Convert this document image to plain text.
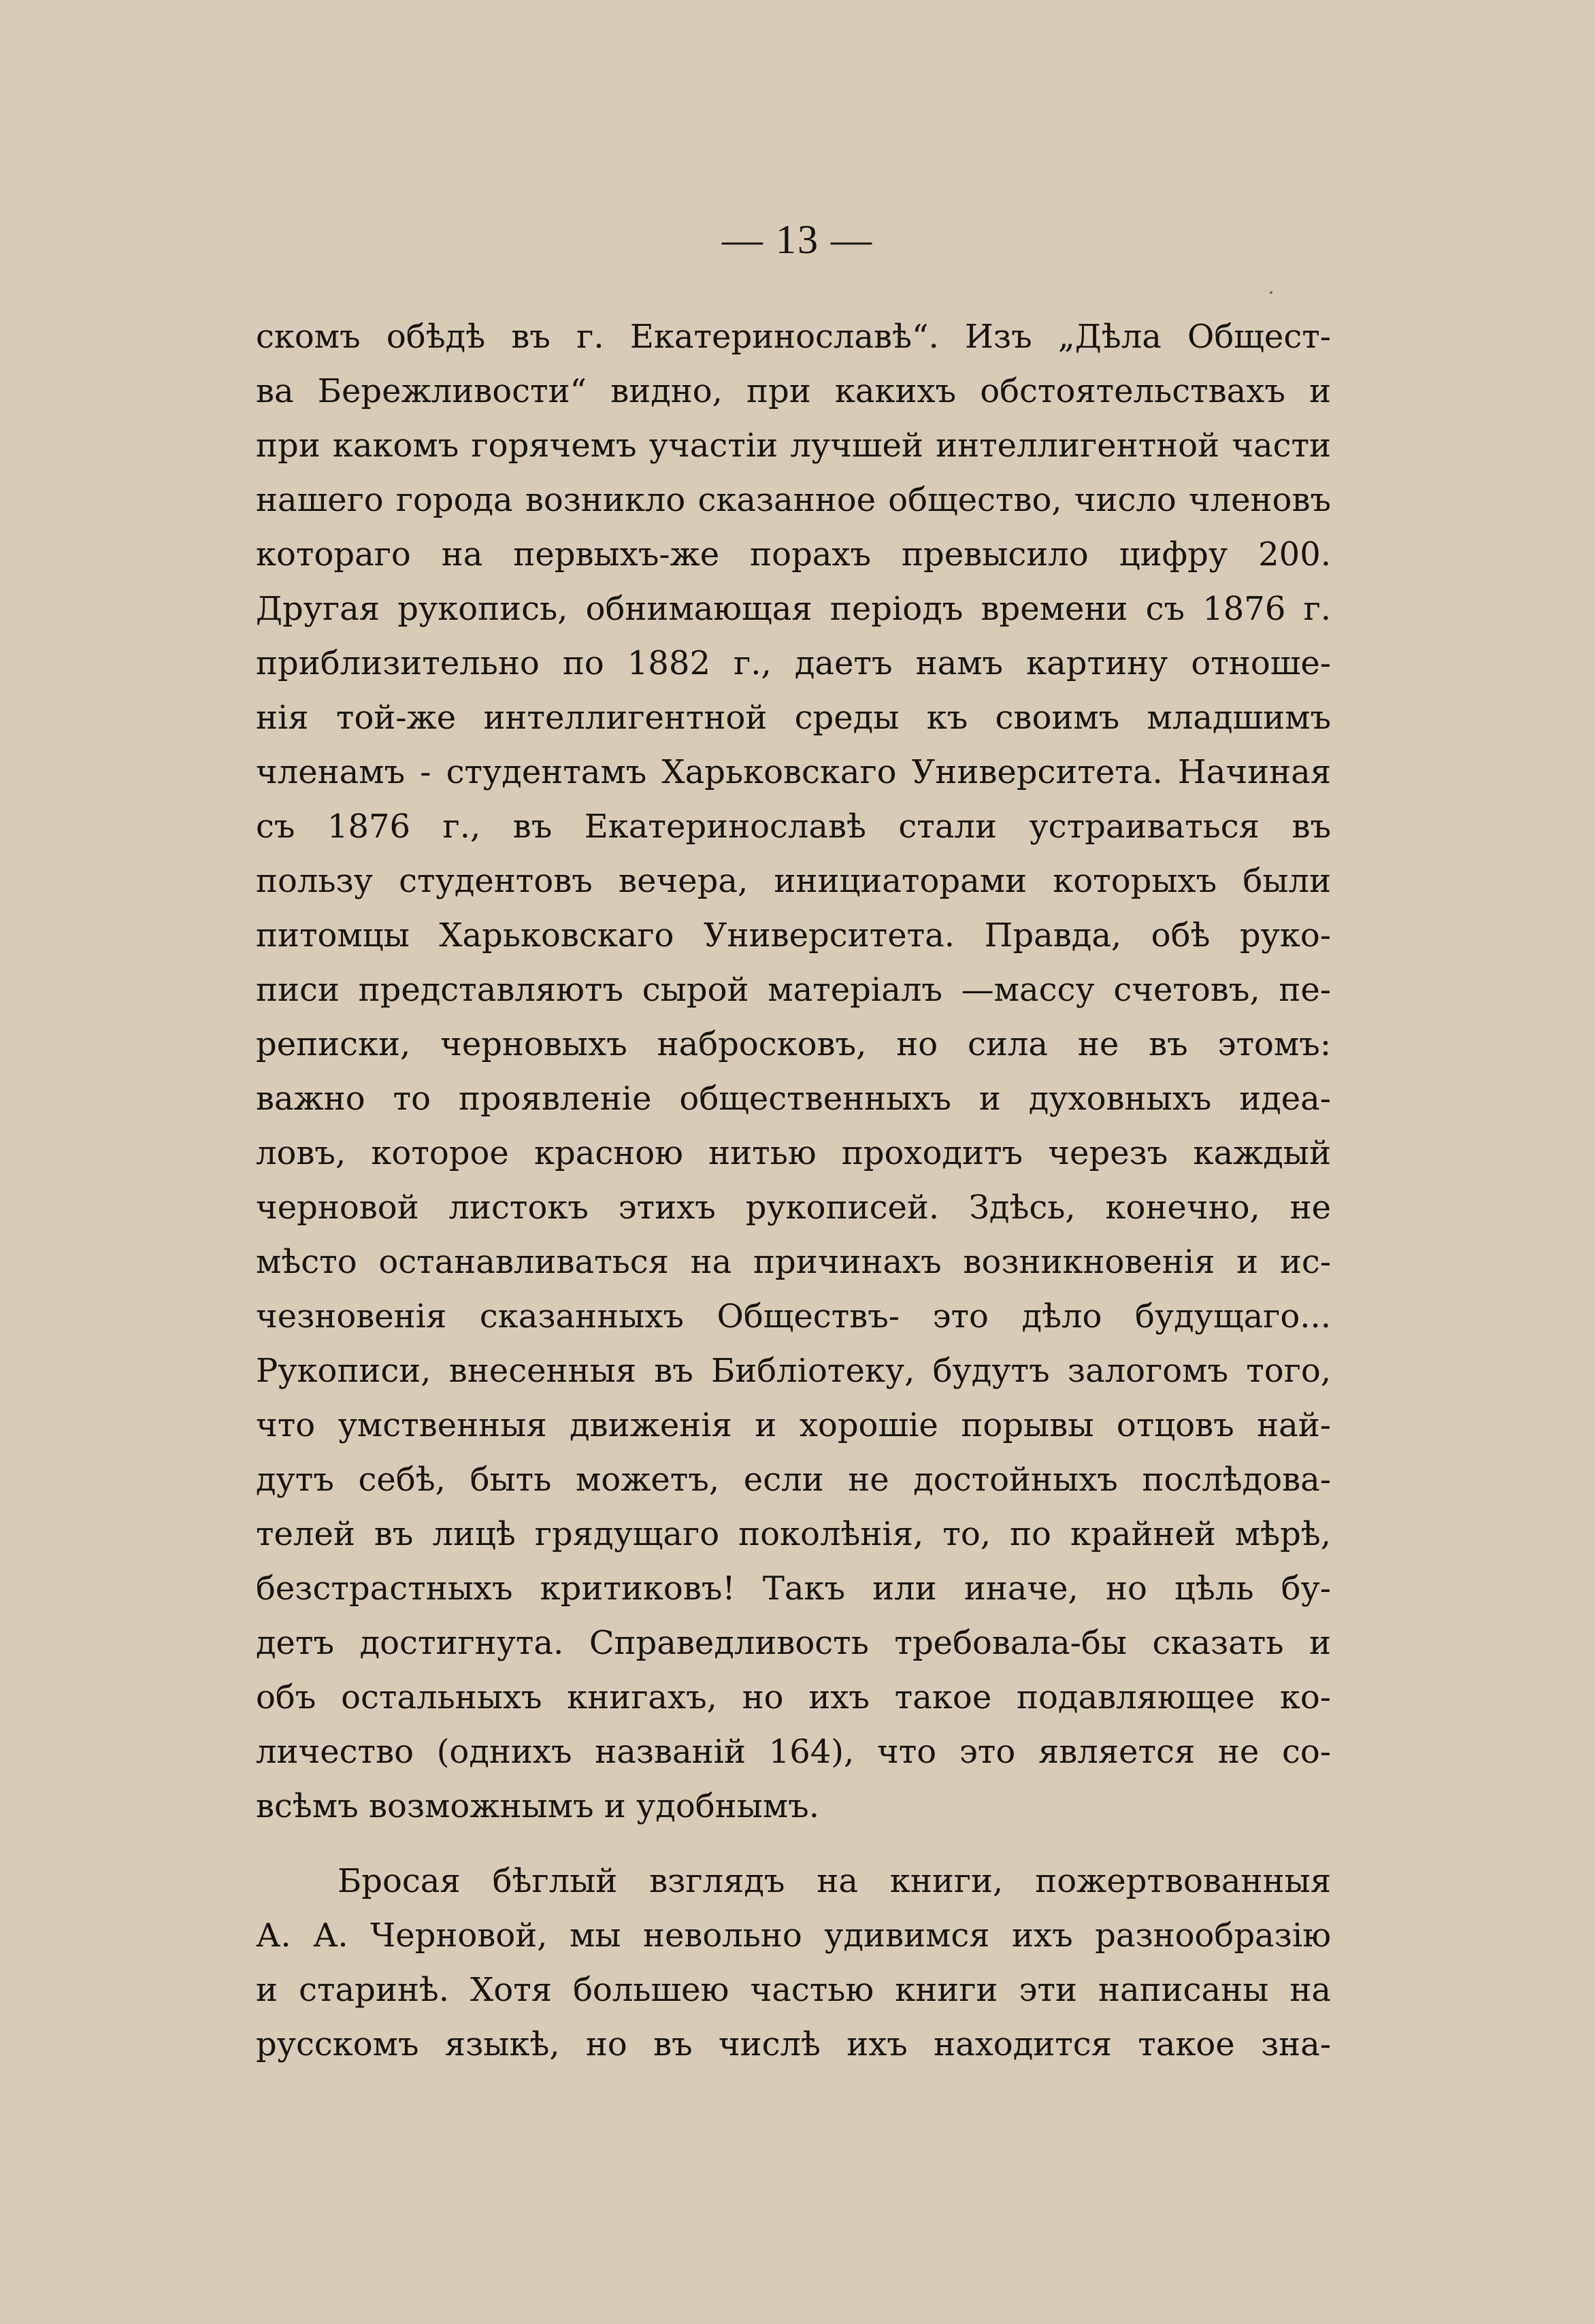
— 13 —
скомъ обѣдѣ въ г. Екатеринославѣ“. Изъ „Дѣла Общест-
ва Бережливости“ видно, при какихъ обстоятельствахъ и
при какомъ горячемъ участіи лучшей интеллигентной части
нашего города возникло сказанное общество, число членовъ
котораго на первыхъ-же порахъ превысило цифру 200.
Другая рукопись, обнимающая періодъ времени съ 1876 г.
приблизительно по 1882 г., даетъ намъ картину отноше-
нія той-же интеллигентной среды къ своимъ младшимъ
членамъ - студентамъ Харьковскаго Университета. Начиная
съ 1876 г., въ Екатеринославѣ стали устраиваться въ
пользу студентовъ вечера, инициаторами которыхъ были
питомцы Харьковскаго Университета. Правда, обѣ руко-
писи представляютъ сырой матеріалъ —массу счетовъ, пе-
реписки, черновыхъ набросковъ, но сила не въ этомъ:
важно то проявленіе общественныхъ и духовныхъ идеа-
ловъ, которое красною нитью проходитъ черезъ каждый
черновой листокъ этихъ рукописей. Здѣсь, конечно, не
мѣсто останавливаться на причинахъ возникновенія и ис-
чезновенія сказанныхъ Обществъ- это дѣло будущаго...
Рукописи, внесенныя въ Библіотеку, будутъ залогомъ того,
что умственныя движенія и хорошіе порывы отцовъ най-
дутъ себѣ, быть можетъ, если не достойныхъ послѣдова-
телей въ лицѣ грядущаго поколѣнія, то, по крайней мѣрѣ,
безстрастныхъ критиковъ! Такъ или иначе, но цѣль бу-
детъ достигнута. Справедливость требовала-бы сказать и
объ остальныхъ книгахъ, но ихъ такое подавляющее ко-
личество (однихъ названій 164), что это является не со-
всѣмъ возможнымъ и удобнымъ.
Бросая бѣглый взглядъ на книги, пожертвованныя
А. А. Черновой, мы невольно удивимся ихъ разнообразію
и старинѣ. Хотя большею частью книги эти написаны на
русскомъ языкѣ, но въ числѣ ихъ находится такое зна-
